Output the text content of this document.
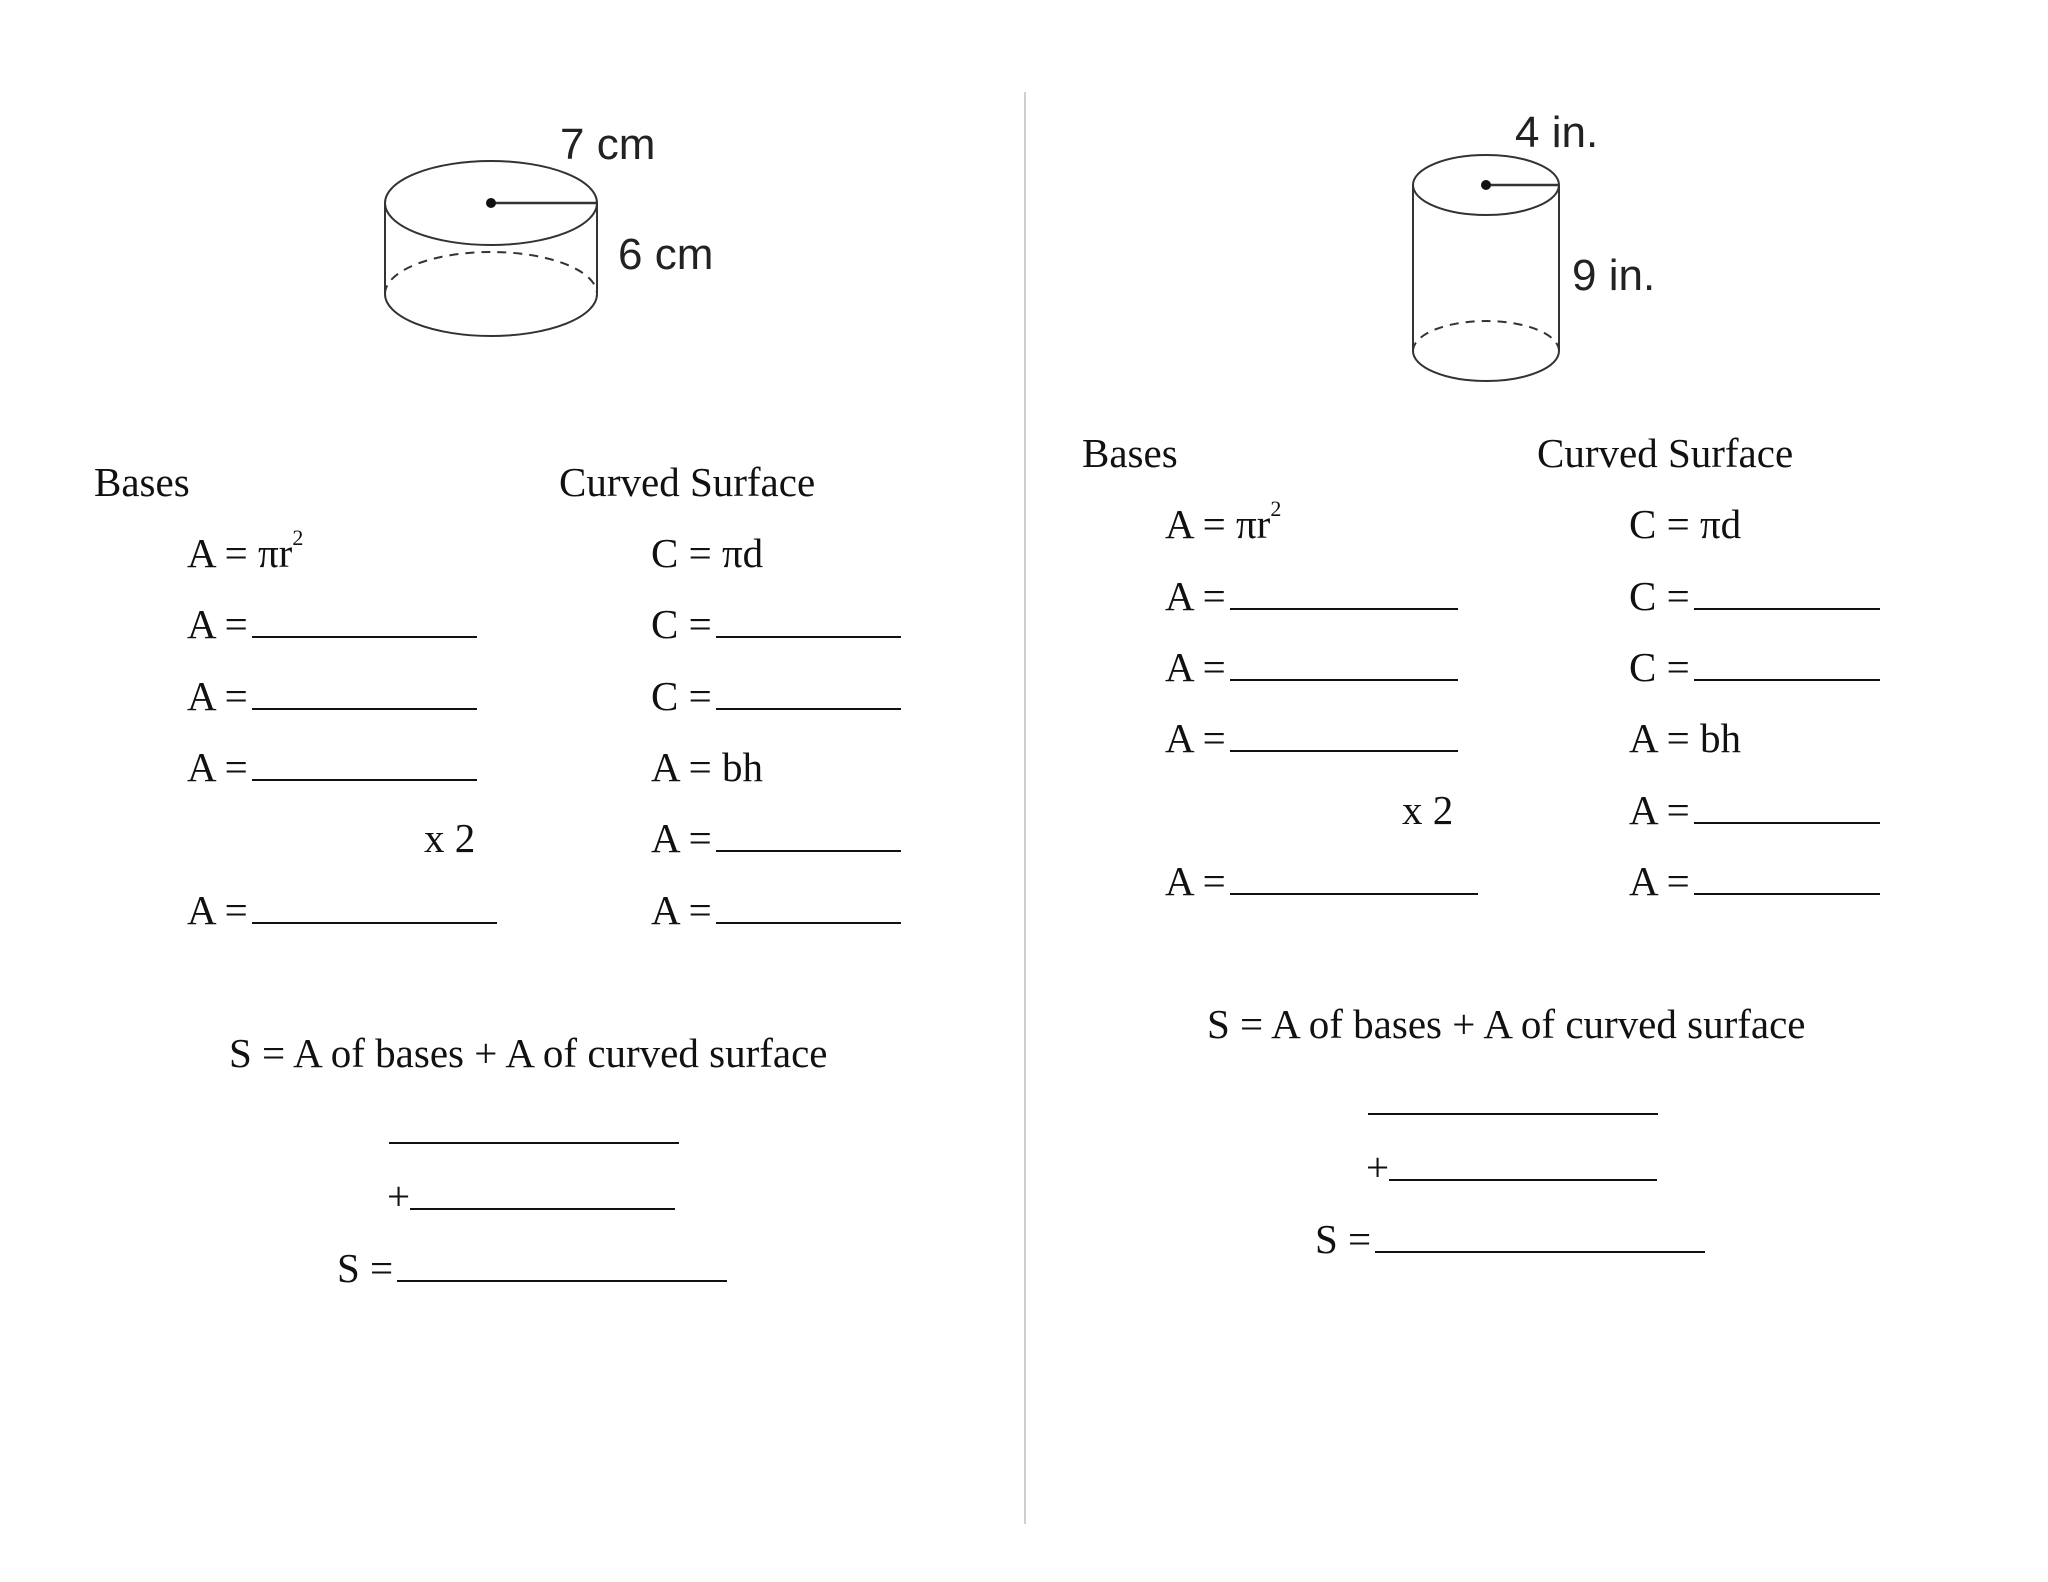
7 cm
6 cm
Bases
$A = \pi r^2$
A =
A =
A =
x 2
A =
Curved Surface
C = πd
C =
C =
A = bh
A =
A =
S = A of bases + A of curved surface
+
S =
4 in.
9 in.
Bases
$A = \pi r^2$
A =
A =
A =
x 2
A =
Curved Surface
C = πd
C =
C =
A = bh
A =
A =
S = A of bases + A of curved surface
+
S =
